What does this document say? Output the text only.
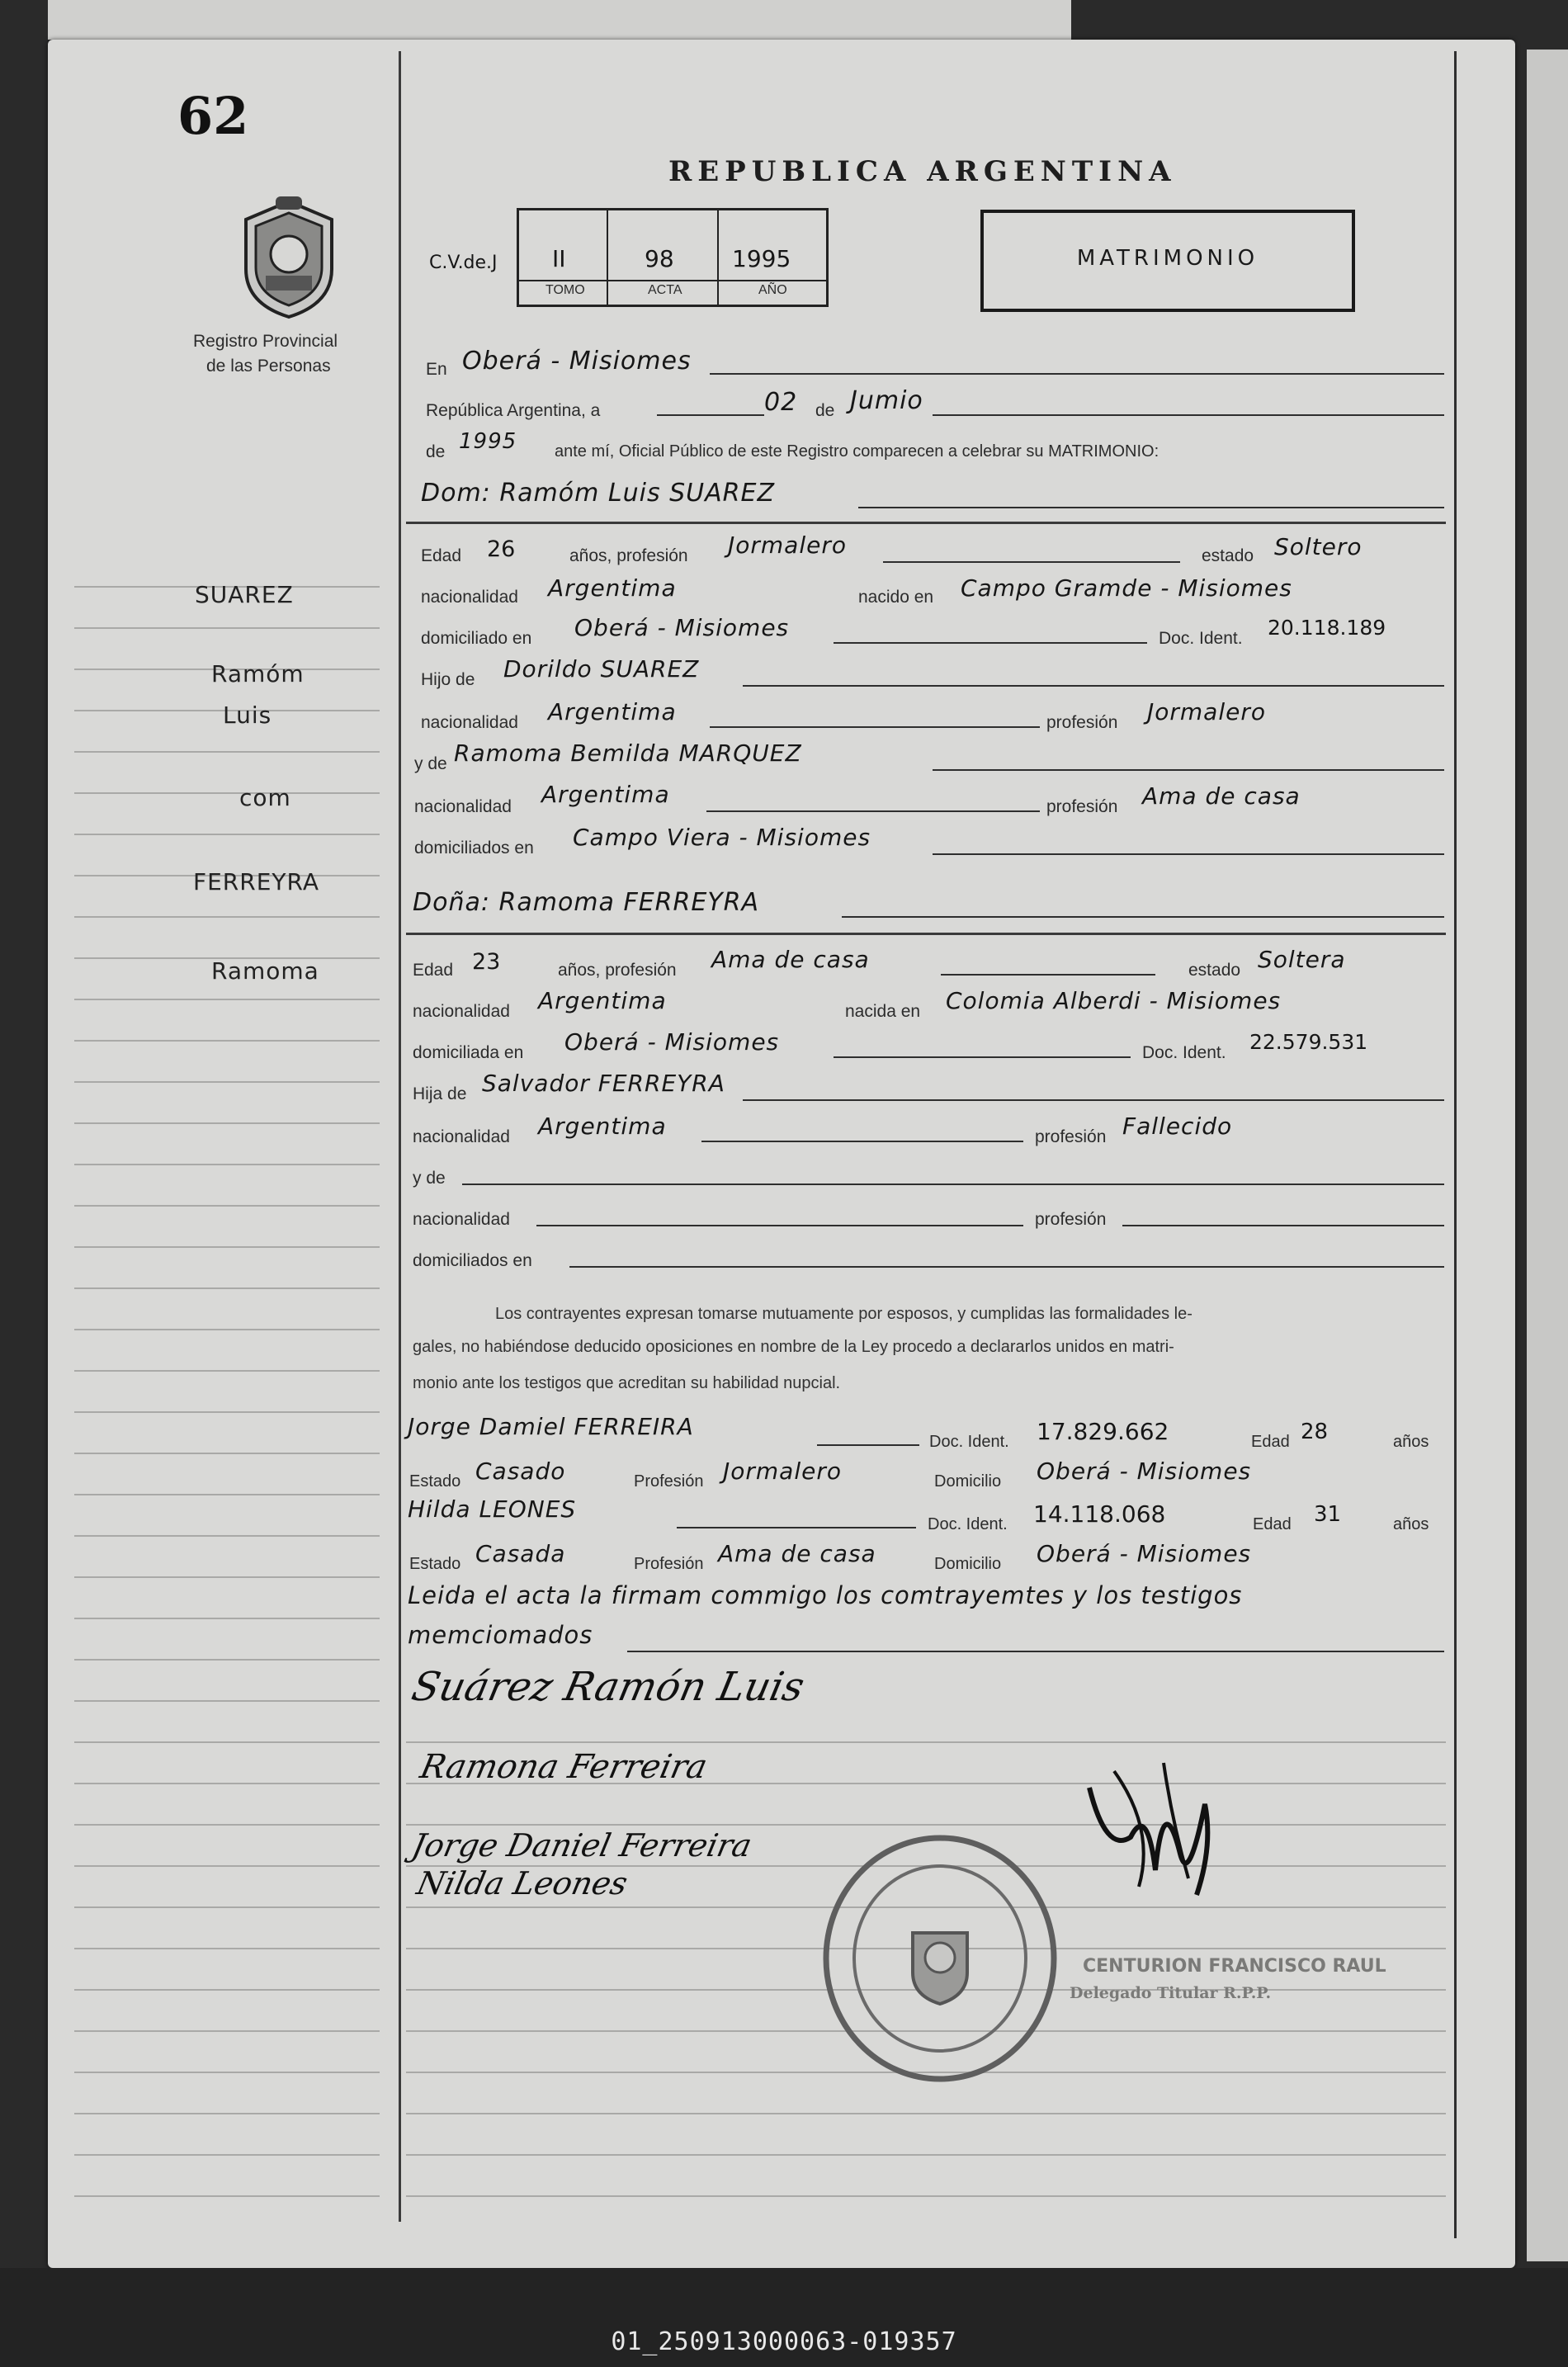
62
Registro Provincial
de las Personas
REPUBLICA ARGENTINA
C.V.de.J II	98	1995
TOMO	ACTA	AÑO
MATRIMONIO
En Oberá - Misiomes
República Argentina, a	02 de Jumio
de 1995 ante mí, Oficial Público de este Registro comparecen a celebrar su MATRIMONIO:
Dom: Ramóm Luis SUAREZ
Edad 26	años, profesión Jormalero	estado Soltero
nacionalidad Argentima	nacido en Campo Gramde - Misiomes
domiciliado en Oberá - Misiomes	Doc. Ident. 20.118.189
Hijo de Dorildo SUAREZ
nacionalidad Argentima	profesión Jormalero
y de Ramoma Bemilda MARQUEZ
nacionalidad Argentima	profesión Ama de casa
domiciliados en Campo Viera - Misiomes
Doña: Ramoma FERREYRA
Edad 23	años, profesión Ama de casa	estado Soltera
nacionalidad Argentima	nacida en Colomia Alberdi - Misiomes
domiciliada en Oberá - Misiomes	Doc. Ident. 22.579.531
Hija de Salvador FERREYRA
nacionalidad Argentima	profesión Fallecido
y de
nacionalidad	profesión
domiciliados en
Los contrayentes expresan tomarse mutuamente por esposos, y cumplidas las formalidades le-
gales, no habiéndose deducido oposiciones en nombre de la Ley procedo a declararlos unidos en matri-
monio ante los testigos que acreditan su habilidad nupcial.
Jorge Damiel FERREIRA
Doc. Ident. 17.829.662	Edad 28	años
Estado Casado	Profesión Jormalero	Domicilio Oberá - Misiomes
Hilda LEONES
Doc. Ident. 14.118.068	Edad 31	años
Estado Casada	Profesión Ama de casa	Domicilio Oberá - Misiomes
Leida el acta la firmam commigo los comtrayemtes y los testigos
memciomados
Suárez Ramón Luis
Ramona Ferreira
Jorge Daniel Ferreira
Nilda Leones
CENTURION FRANCISCO RAUL
Delegado Titular R.P.P.
SUAREZ
Ramóm
Luis
com
FERREYRA
Ramoma
01_250913000063-019357
